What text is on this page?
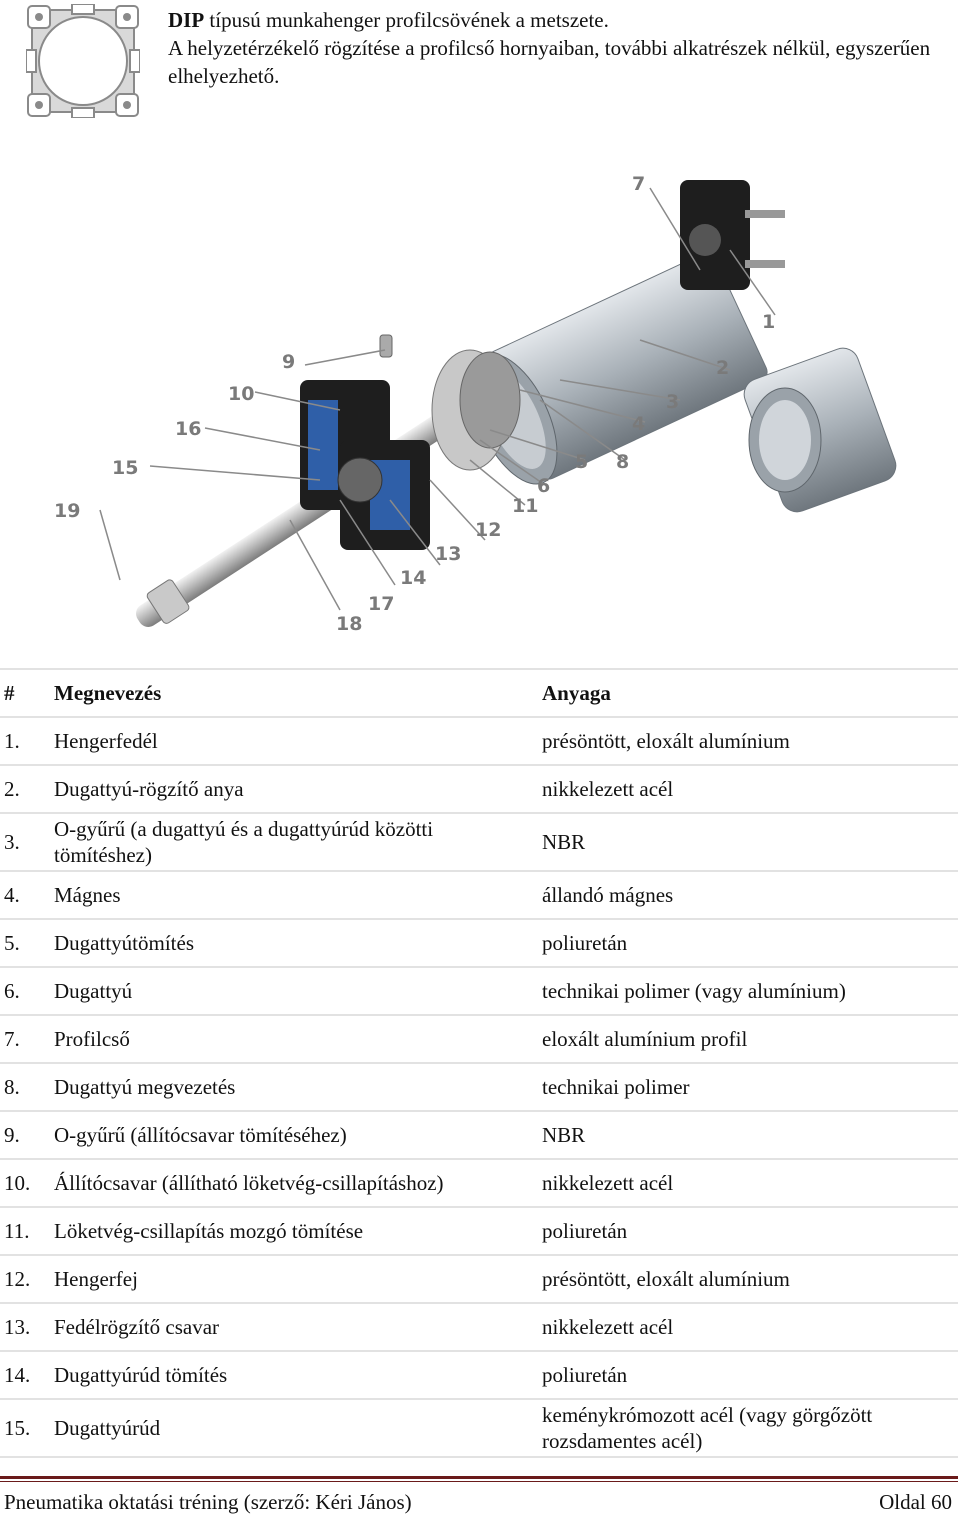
DIP típusú munkahenger profilcsövének a metszete.
A helyzetérzékelő rögzítése a profilcső hornyaiban, további alkatrészek nélkül, egyszerűen elhelyezhető.
1
2
3
4
5
6
7
8
9
10
11
12
13
14
15
16
17
18
19
#	Megnevezés	Anyaga
1.	Hengerfedél	présöntött, eloxált alumínium
2.	Dugattyú-rögzítő anya	nikkelezett acél
3.	O-gyűrű (a dugattyú és a dugattyúrúd közötti tömítéshez)	NBR
4.	Mágnes	állandó mágnes
5.	Dugattyútömítés	poliuretán
6.	Dugattyú	technikai polimer (vagy alumínium)
7.	Profilcső	eloxált alumínium profil
8.	Dugattyú megvezetés	technikai polimer
9.	O-gyűrű (állítócsavar tömítéséhez)	NBR
10.	Állítócsavar (állítható löketvég-csillapításhoz)	nikkelezett acél
11.	Löketvég-csillapítás mozgó tömítése	poliuretán
12.	Hengerfej	présöntött, eloxált alumínium
13.	Fedélrögzítő csavar	nikkelezett acél
14.	Dugattyúrúd tömítés	poliuretán
15.	Dugattyúrúd	keménykrómozott acél (vagy görgőzött rozsdamentes acél)
Pneumatika oktatási tréning (szerző: Kéri János)	Oldal 60
